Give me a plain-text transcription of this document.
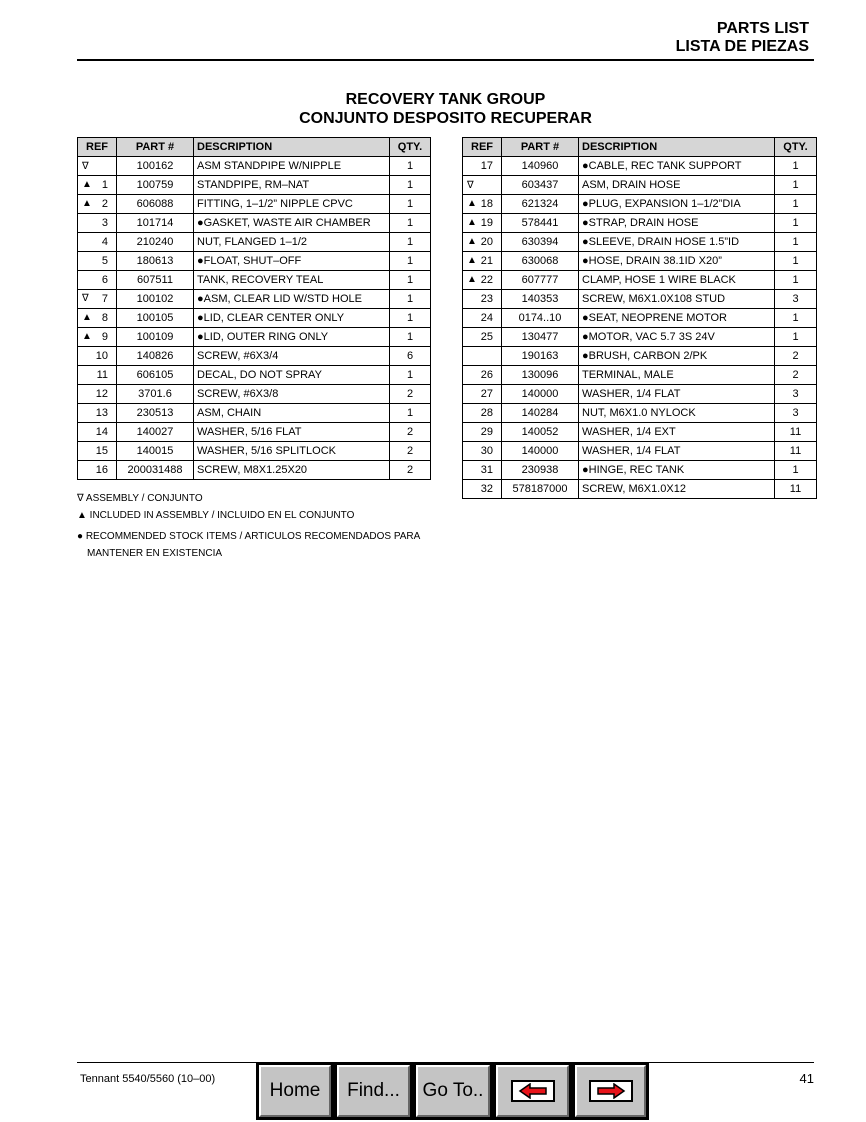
PARTS LIST
LISTA DE PIEZAS
RECOVERY TANK GROUP
CONJUNTO DESPOSITO RECUPERAR
REF	PART #	DESCRIPTION	QTY.

∇	100162	ASM STANDPIPE W/NIPPLE	1

▲ 1	100759	STANDPIPE, RM–NAT	1

▲ 2	606088	FITTING, 1–1/2” NIPPLE CPVC	1

3	101714	●GASKET, WASTE AIR CHAMBER	1

4	210240	NUT, FLANGED 1–1/2	1

5	180613	●FLOAT, SHUT–OFF	1

6	607511	TANK, RECOVERY TEAL	1

∇ 7	100102	●ASM, CLEAR LID W/STD HOLE	1

▲ 8	100105	●LID, CLEAR CENTER ONLY	1

▲ 9	100109	●LID, OUTER RING ONLY	1

10	140826	SCREW, #6X3/4	6

11	606105	DECAL, DO NOT SPRAY	1

12	3701.6	SCREW, #6X3/8	2

13	230513	ASM, CHAIN	1

14	140027	WASHER, 5/16 FLAT	2

15	140015	WASHER, 5/16 SPLITLOCK	2

16	200031488	SCREW, M8X1.25X20	2
REF	PART #	DESCRIPTION	QTY.

17	140960	●CABLE, REC TANK SUPPORT	1

∇	603437	ASM, DRAIN HOSE	1

▲ 18	621324	●PLUG, EXPANSION 1–1/2”DIA	1

▲ 19	578441	●STRAP, DRAIN HOSE	1

▲ 20	630394	●SLEEVE, DRAIN HOSE 1.5”ID	1

▲ 21	630068	●HOSE, DRAIN 38.1ID X20”	1

▲ 22	607777	CLAMP, HOSE 1 WIRE BLACK	1

23	140353	SCREW, M6X1.0X108 STUD	3

24	0174..10	●SEAT, NEOPRENE MOTOR	1

25	130477	●MOTOR, VAC 5.7 3S 24V	1

	190163	●BRUSH, CARBON 2/PK	2

26	130096	TERMINAL, MALE	2

27	140000	WASHER, 1/4 FLAT	3

28	140284	NUT, M6X1.0 NYLOCK	3

29	140052	WASHER, 1/4 EXT	11

30	140000	WASHER, 1/4 FLAT	11

31	230938	●HINGE, REC TANK	1

32	578187000	SCREW, M6X1.0X12	11
∇ ASSEMBLY / CONJUNTO
▲ INCLUDED IN ASSEMBLY / INCLUIDO EN EL CONJUNTO
● RECOMMENDED STOCK ITEMS / ARTICULOS RECOMENDADOS PARA
MANTENER EN EXISTENCIA
Tennant 5540/5560 (10–00)	41
Home Find... Go To..
